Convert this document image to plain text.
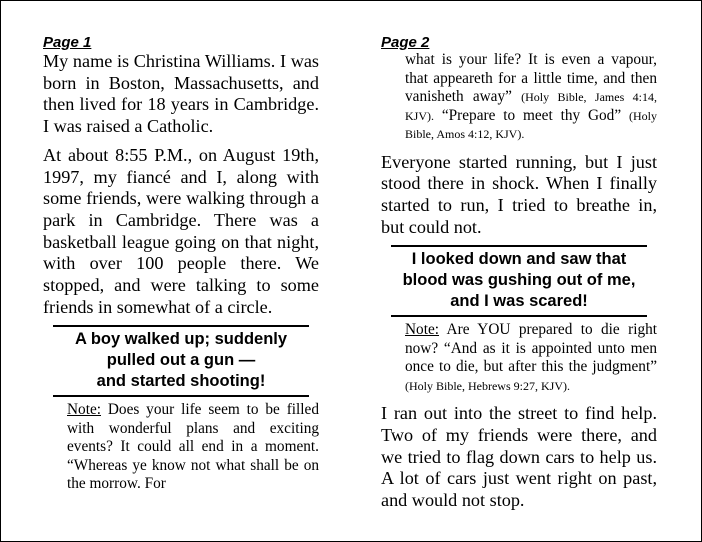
Page 1

My name is Christina Williams. I was born in Boston, Massachusetts, and then lived for 18 years in Cambridge. I was raised a Catholic.

At about 8:55 P.M., on August 19th, 1997, my fiancé and I, along with some friends, were walking through a park in Cambridge. There was a basketball league going on that night, with over 100 people there. We stopped, and were talking to some friends in somewhat of a circle.

A boy walked up; suddenly
pulled out a gun —
and started shooting!

Note: Does your life seem to be filled with wonderful plans and exciting events? It could all end in a moment. “Whereas ye know not what shall be on the morrow. For

Page 2

what is your life? It is even a vapour, that appeareth for a little time, and then vanisheth away” (Holy Bible, James 4:14, KJV). “Prepare to meet thy God” (Holy Bible, Amos 4:12, KJV).

Everyone started running, but I just stood there in shock. When I finally started to run, I tried to breathe in, but could not.

I looked down and saw that
blood was gushing out of me,
and I was scared!

Note: Are YOU prepared to die right now? “And as it is appointed unto men once to die, but after this the judgment” (Holy Bible, Hebrews 9:27, KJV).

I ran out into the street to find help. Two of my friends were there, and we tried to flag down cars to help us. A lot of cars just went right on past, and would not stop.
